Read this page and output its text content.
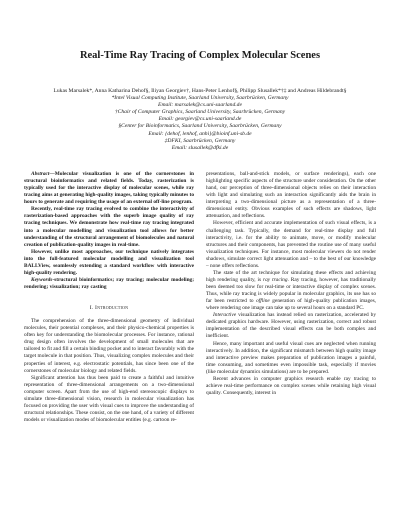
Real-Time Ray Tracing of Complex Molecular Scenes
Lukas Marsalek*, Anna Katharina Dehof§, Iliyan Georgiev†, Hans-Peter Lenhof§, Philipp Slusallek*†‡ and Andreas Hildebrandt§
*Intel Visual Computing Institute, Saarland University, Saarbrücken, Germany
Email: marsalek@cs.uni-saarland.de
†Chair of Computer Graphics, Saarland University, Saarbrücken, Germany
Email: georgiev@cs.uni-saarland.de
§Center for Bioinformatics, Saarland University, Saarbrücken, Germany
Email: {dehof, lenhof, anhi}@bioinf.uni-sb.de
‡DFKI, Saarbrücken, Germany
Email: slusallek@dfki.de

Abstract—Molecular visualization is one of the cornerstones in structural bioinformatics and related fields. Today, rasterization is typically used for the interactive display of molecular scenes, while ray tracing aims at generating high-quality images, taking typically minutes to hours to generate and requiring the usage of an external off-line program.

Recently, real-time ray tracing evolved to combine the interactivity of rasterization-based approaches with the superb image quality of ray tracing techniques. We demonstrate how real-time ray tracing integrated into a molecular modelling and visualization tool allows for better understanding of the structural arrangement of biomolecules and natural creation of publication-quality images in real-time.

However, unlike most approaches, our technique natively integrates into the full-featured molecular modelling and visualization tool BALLView, seamlessly extending a standard workflow with interactive high-quality rendering.

Keywords-structural bioinformatics; ray tracing; molecular modeling; rendering; visualization; ray casting

I. Introduction

The comprehension of the three-dimensional geometry of individual molecules, their potential complexes, and their physico-chemical properties is often key for understanding the biomolecular processes. For instance, rational drug design often involves the development of small molecules that are tailored to fit and fill a certain binding pocket and to interact favorably with the target molecule in that position. Thus, visualizing complex molecules and their properties of interest, e.g. electrostatic potentials, has since been one of the cornerstones of molecular biology and related fields.

Significant attention has thus been paid to create a faithful and intuitive representation of three-dimensional arrangements on a two-dimensional computer screen. Apart from the use of high-end stereoscopic displays to simulate three-dimensional vision, research in molecular visualization has focused on providing the user with visual cues to improve the understanding of structural relationships. These consist, on the one hand, of a variety of different models or visualization modes of biomolecular entities (e.g. cartoon re-

presentations, ball-and-stick models, or surface renderings), each one highlighting specific aspects of the structure under consideration. On the other hand, our perception of three-dimensional objects relies on their interaction with light and simulating such an interaction significantly aids the brain in interpreting a two-dimensional picture as a representation of a three-dimensional entity. Obvious examples of such effects are shadows, light attenuation, and reflections.

However, efficient and accurate implementation of such visual effects, is a challenging task. Typically, the demand for real-time display and full interactivity, i.e. for the ability to animate, move, or modify molecular structures and their components, has prevented the routine use of many useful visualization techniques. For instance, most molecular viewers do not render shadows, simulate correct light attenuation and – to the best of our knowledge – none offers reflections.

The state of the art technique for simulating these effects and achieving high rendering quality, is ray tracing. Ray tracing, however, has traditionally been deemed too slow for real-time or interactive display of complex scenes. Thus, while ray tracing is widely popular in molecular graphics, its use has so far been restricted to offline generation of high-quality publication images, where rendering one image can take up to several hours on a standard PC.

Interactive visualization has instead relied on rasterization, accelerated by dedicated graphics hardware. However, using rasterization, correct and robust implementation of the described visual effects can be both complex and inefficient.

Hence, many important and useful visual cues are neglected when running interactively. In addition, the significant mismatch between high quality image and interactive preview makes preparation of publication images a painful, time consuming, and sometimes even impossible task, especially if movies (like molecular dynamics simulations) are to be prepared.

Recent advances in computer graphics research enable ray tracing to achieve real-time performance on complex scenes while retaining high visual quality. Consequently, interest in
